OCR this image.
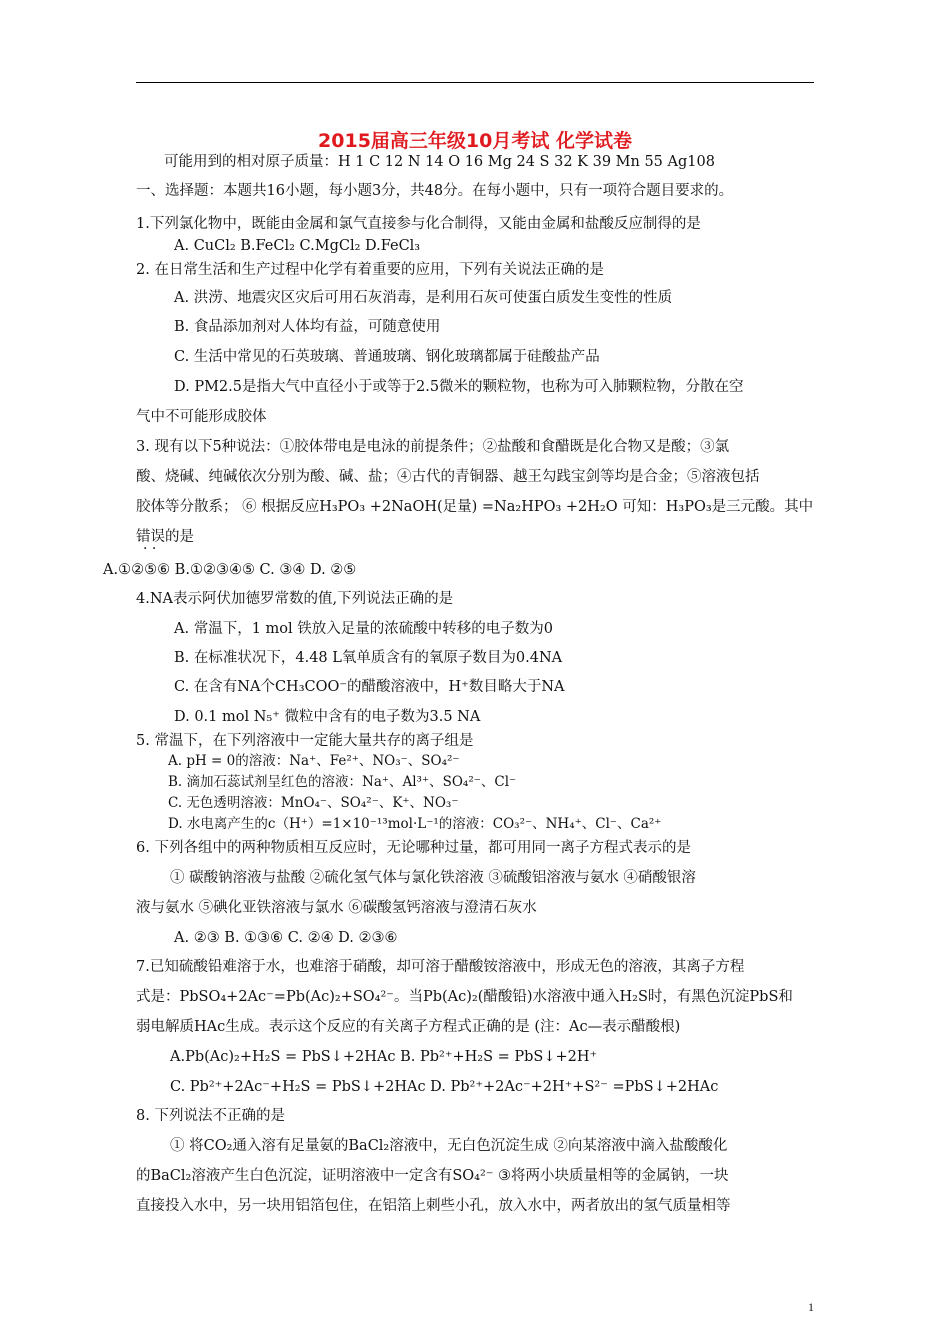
2015届高三年级10月考试 化学试卷
可能用到的相对原子质量：H 1 C 12 N 14 O 16 Mg 24 S 32 K 39 Mn 55 Ag108
一、选择题：本题共16小题，每小题3分，共48分。在每小题中，只有一项符合题目要求的。
1.下列氯化物中，既能由金属和氯气直接参与化合制得，又能由金属和盐酸反应制得的是
A. CuCl₂ B.FeCl₂ C.MgCl₂ D.FeCl₃
2. 在日常生活和生产过程中化学有着重要的应用，下列有关说法正确的是
A. 洪涝、地震灾区灾后可用石灰消毒，是利用石灰可使蛋白质发生变性的性质
B. 食品添加剂对人体均有益，可随意使用
C. 生活中常见的石英玻璃、普通玻璃、钢化玻璃都属于硅酸盐产品
D. PM2.5是指大气中直径小于或等于2.5微米的颗粒物，也称为可入肺颗粒物，分散在空
气中不可能形成胶体
3. 现有以下5种说法：①胶体带电是电泳的前提条件；②盐酸和食醋既是化合物又是酸；③氯
酸、烧碱、纯碱依次分别为酸、碱、盐；④古代的青铜器、越王勾践宝剑等均是合金；⑤溶液包括
胶体等分散系； ⑥ 根据反应H₃PO₃ +2NaOH(足量) =Na₂HPO₃ +2H₂O 可知：H₃PO₃是三元酸。其中
错误的是
A.①②⑤⑥ B.①②③④⑤ C. ③④ D. ②⑤
4.NA表示阿伏加德罗常数的值,下列说法正确的是
A. 常温下，1 mol 铁放入足量的浓硫酸中转移的电子数为0
B. 在标准状况下，4.48 L氧单质含有的氧原子数目为0.4NA
C. 在含有NA个CH₃COO⁻的醋酸溶液中，H⁺数目略大于NA
D. 0.1 mol N₅⁺ 微粒中含有的电子数为3.5 NA
5. 常温下，在下列溶液中一定能大量共存的离子组是
A. pH = 0的溶液：Na⁺、Fe²⁺、NO₃⁻、SO₄²⁻
B. 滴加石蕊试剂呈红色的溶液：Na⁺、Al³⁺、SO₄²⁻、Cl⁻
C. 无色透明溶液：MnO₄⁻、SO₄²⁻、K⁺、NO₃⁻
D. 水电离产生的c（H⁺）=1×10⁻¹³mol·L⁻¹的溶液：CO₃²⁻、NH₄⁺、Cl⁻、Ca²⁺
6. 下列各组中的两种物质相互反应时，无论哪种过量，都可用同一离子方程式表示的是
① 碳酸钠溶液与盐酸 ②硫化氢气体与氯化铁溶液 ③硫酸铝溶液与氨水 ④硝酸银溶
液与氨水 ⑤碘化亚铁溶液与氯水 ⑥碳酸氢钙溶液与澄清石灰水
A. ②③ B. ①③⑥ C. ②④ D. ②③⑥
7.已知硫酸铅难溶于水，也难溶于硝酸，却可溶于醋酸铵溶液中，形成无色的溶液，其离子方程
式是：PbSO₄+2Ac⁻=Pb(Ac)₂+SO₄²⁻。当Pb(Ac)₂(醋酸铅)水溶液中通入H₂S时，有黑色沉淀PbS和
弱电解质HAc生成。表示这个反应的有关离子方程式正确的是 (注：Ac—表示醋酸根)
A.Pb(Ac)₂+H₂S = PbS↓+2HAc B. Pb²⁺+H₂S = PbS↓+2H⁺
C. Pb²⁺+2Ac⁻+H₂S = PbS↓+2HAc D. Pb²⁺+2Ac⁻+2H⁺+S²⁻ =PbS↓+2HAc
8. 下列说法不正确的是
① 将CO₂通入溶有足量氨的BaCl₂溶液中，无白色沉淀生成 ②向某溶液中滴入盐酸酸化
的BaCl₂溶液产生白色沉淀，证明溶液中一定含有SO₄²⁻ ③将两小块质量相等的金属钠，一块
直接投入水中，另一块用铝箔包住，在铝箔上刺些小孔，放入水中，两者放出的氢气质量相等
· ·
1
